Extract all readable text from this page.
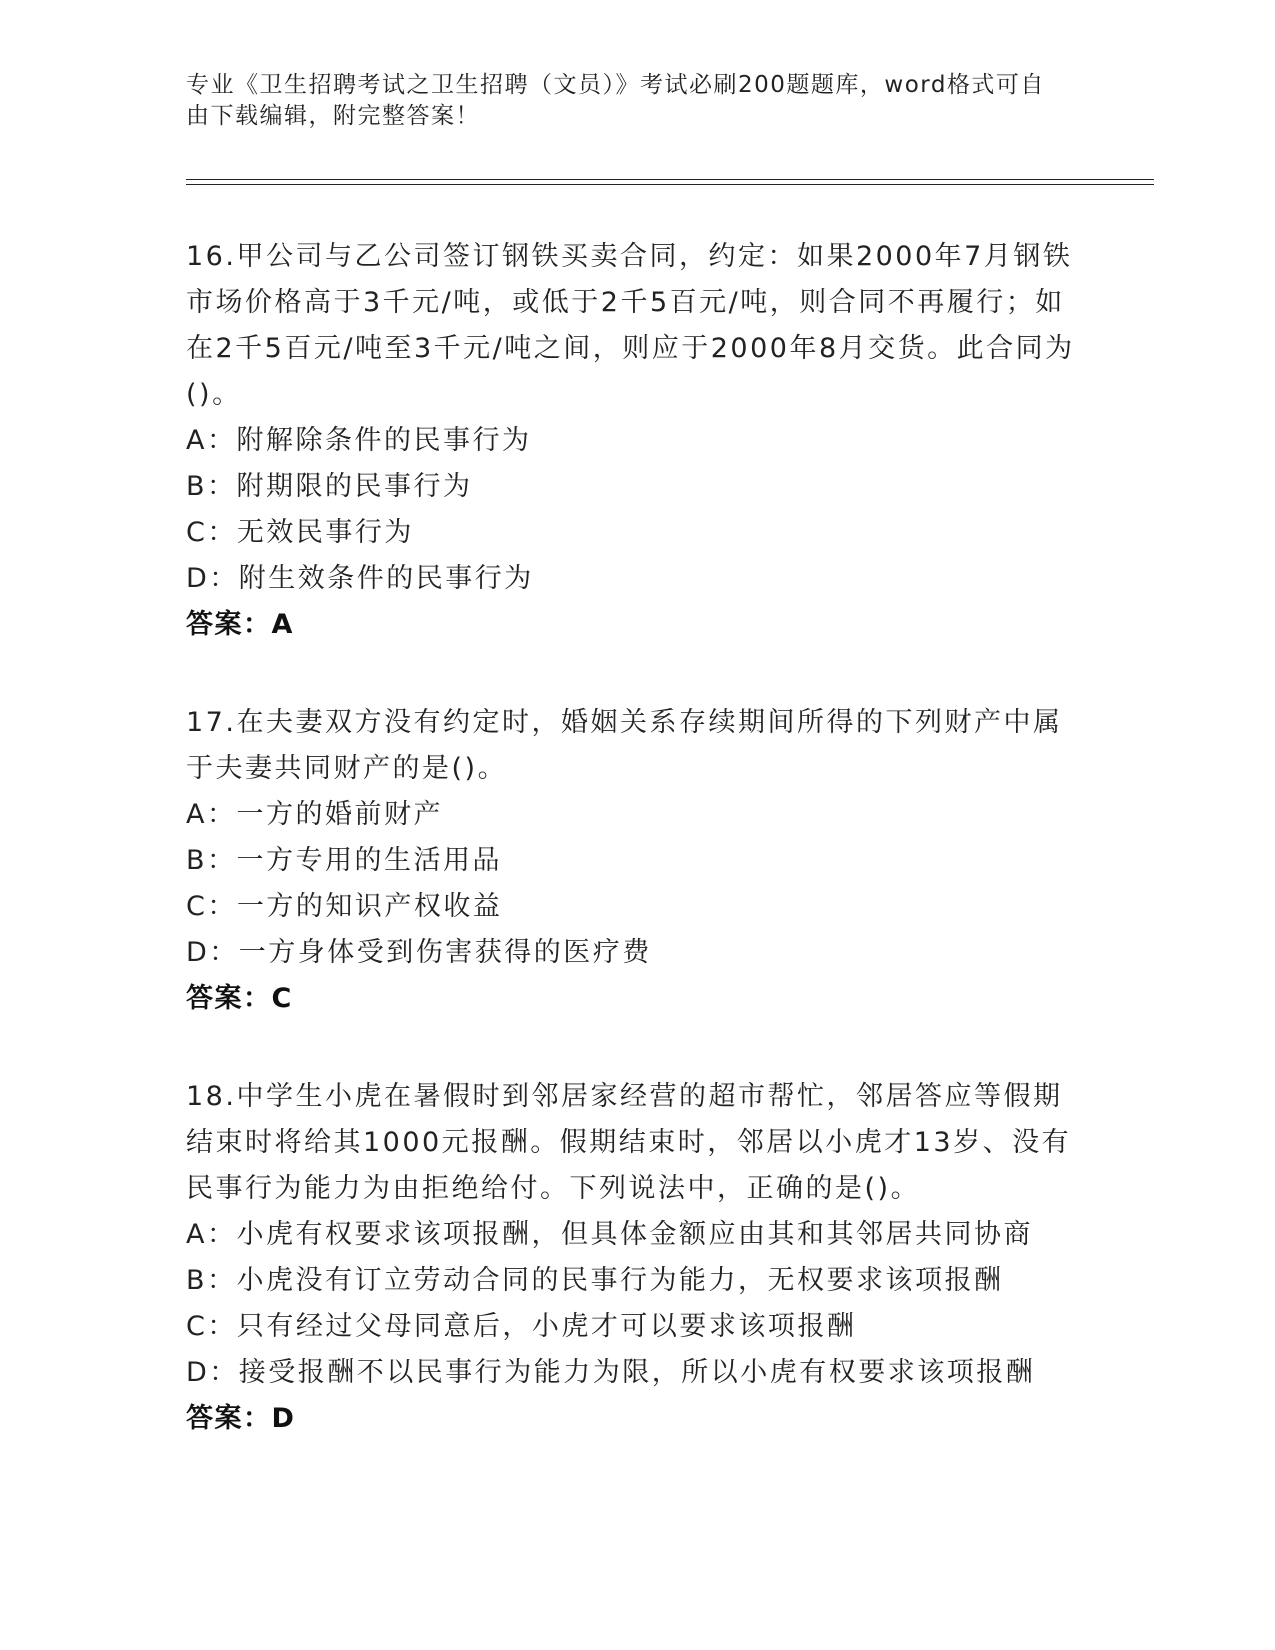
专业《卫生招聘考试之卫生招聘（文员）》考试必刷200题题库，word格式可自由下载编辑，附完整答案！
16.甲公司与乙公司签订钢铁买卖合同，约定：如果2000年7月钢铁市场价格高于3千元/吨，或低于2千5百元/吨，则合同不再履行；如在2千5百元/吨至3千元/吨之间，则应于2000年8月交货。此合同为()。
A：附解除条件的民事行为
B：附期限的民事行为
C：无效民事行为
D：附生效条件的民事行为
答案：A
17.在夫妻双方没有约定时，婚姻关系存续期间所得的下列财产中属于夫妻共同财产的是()。
A：一方的婚前财产
B：一方专用的生活用品
C：一方的知识产权收益
D：一方身体受到伤害获得的医疗费
答案：C
18.中学生小虎在暑假时到邻居家经营的超市帮忙，邻居答应等假期结束时将给其1000元报酬。假期结束时，邻居以小虎才13岁、没有民事行为能力为由拒绝给付。下列说法中，正确的是()。
A：小虎有权要求该项报酬，但具体金额应由其和其邻居共同协商
B：小虎没有订立劳动合同的民事行为能力，无权要求该项报酬
C：只有经过父母同意后，小虎才可以要求该项报酬
D：接受报酬不以民事行为能力为限，所以小虎有权要求该项报酬
答案：D
